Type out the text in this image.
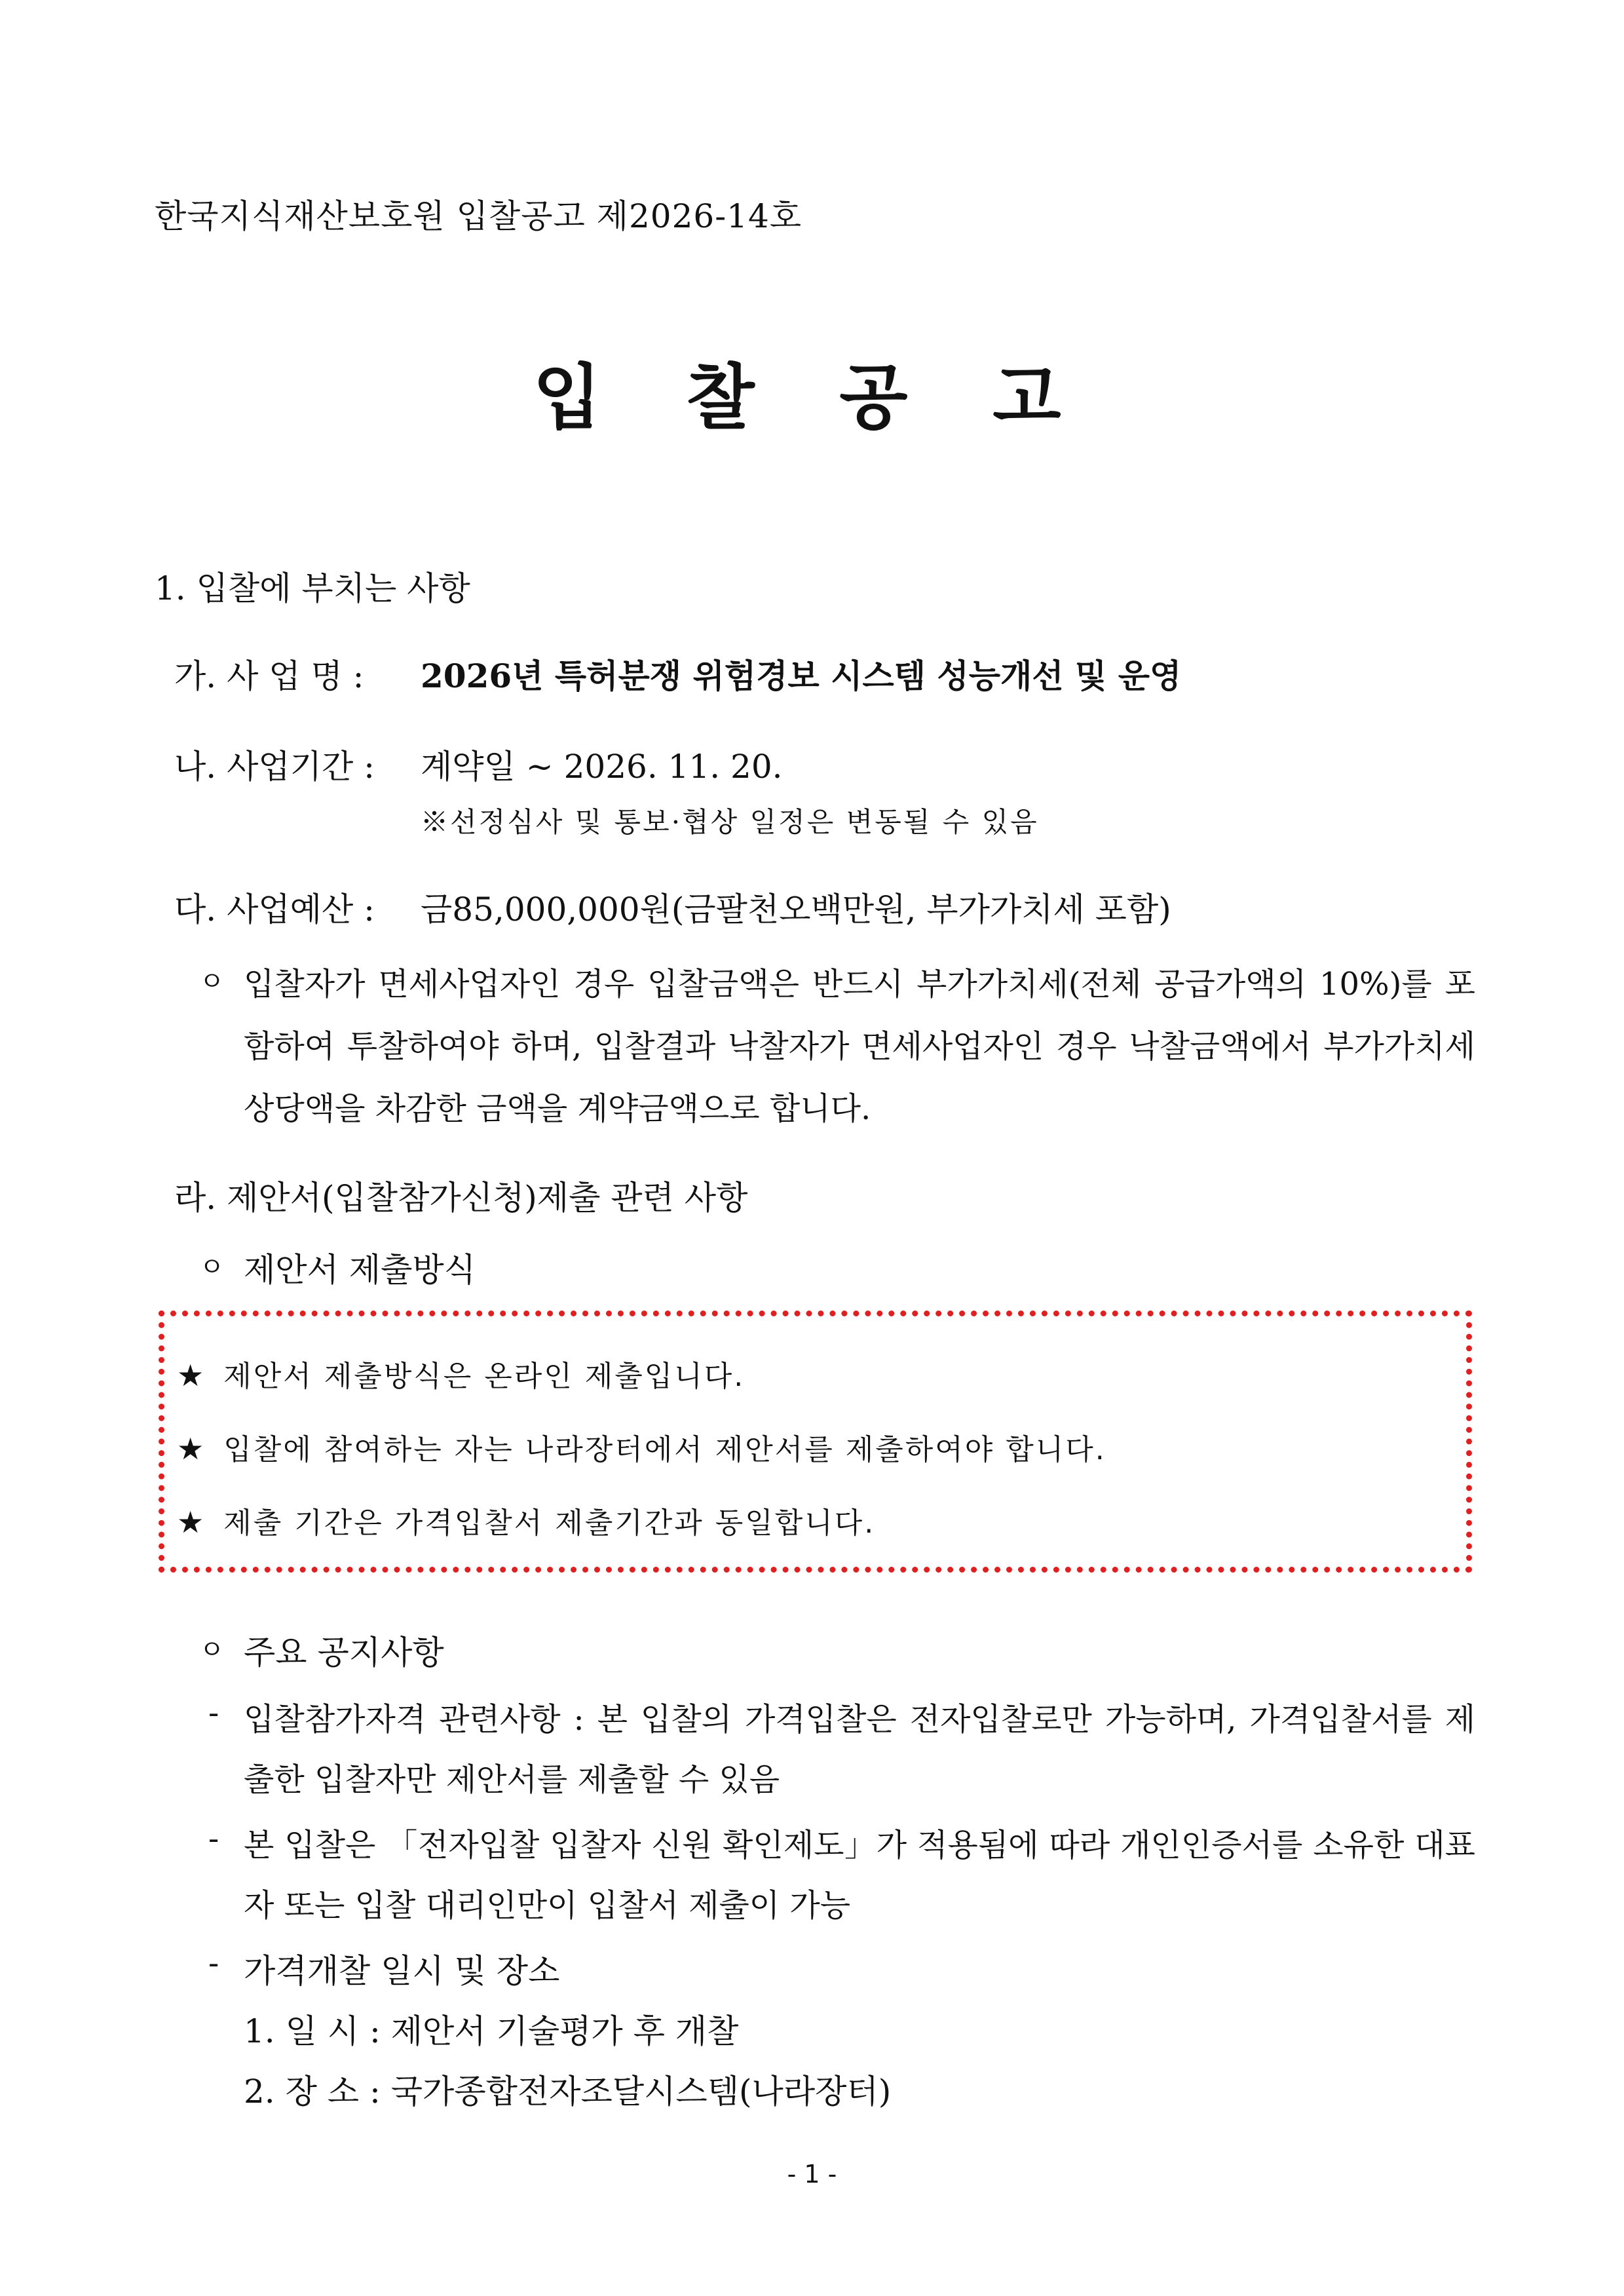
한국지식재산보호원 입찰공고 제2026-14호
입 찰 공 고
1. 입찰에 부치는 사항
가. 사 업 명 : 2026년 특허분쟁 위험경보 시스템 성능개선 및 운영
나. 사업기간 : 계약일 ~ 2026. 11. 20.
※선정심사 및 통보·협상 일정은 변동될 수 있음
다. 사업예산 : 금85,000,000원(금팔천오백만원, 부가가치세 포함)
ㅇ 입찰자가 면세사업자인 경우 입찰금액은 반드시 부가가치세(전체 공급가액의 10%)를 포함하여 투찰하여야 하며, 입찰결과 낙찰자가 면세사업자인 경우 낙찰금액에서 부가가치세 상당액을 차감한 금액을 계약금액으로 합니다.
라. 제안서(입찰참가신청)제출 관련 사항
ㅇ 제안서 제출방식
★ 제안서 제출방식은 온라인 제출입니다.
★ 입찰에 참여하는 자는 나라장터에서 제안서를 제출하여야 합니다.
★ 제출 기간은 가격입찰서 제출기간과 동일합니다.
ㅇ 주요 공지사항
- 입찰참가자격 관련사항 : 본 입찰의 가격입찰은 전자입찰로만 가능하며, 가격입찰서를 제출한 입찰자만 제안서를 제출할 수 있음
- 본 입찰은 「전자입찰 입찰자 신원 확인제도」가 적용됨에 따라 개인인증서를 소유한 대표자 또는 입찰 대리인만이 입찰서 제출이 가능
- 가격개찰 일시 및 장소
1. 일 시 : 제안서 기술평가 후 개찰
2. 장 소 : 국가종합전자조달시스템(나라장터)
- 1 -
